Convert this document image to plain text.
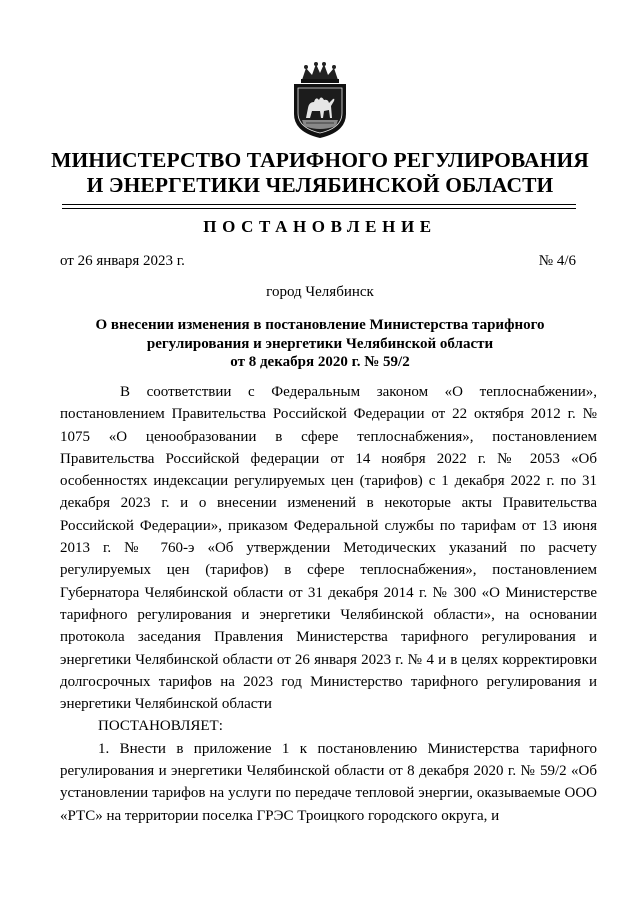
МИНИСТЕРСТВО ТАРИФНОГО РЕГУЛИРОВАНИЯ
И ЭНЕРГЕТИКИ ЧЕЛЯБИНСКОЙ ОБЛАСТИ
ПОСТАНОВЛЕНИЕ
от 26 января 2023 г.	№ 4/6
город Челябинск
О внесении изменения в постановление Министерства тарифного
регулирования и энергетики Челябинской области
от 8 декабря 2020 г. № 59/2

В соответствии с Федеральным законом «О теплоснабжении», постановлением Правительства Российской Федерации от 22 октября 2012 г. № 1075 «О ценообразовании в сфере теплоснабжения», постановлением Правительства Российской федерации от 14 ноября 2022 г. № 2053 «Об особенностях индексации регулируемых цен (тарифов) с 1 декабря 2022 г. по 31 декабря 2023 г. и о внесении изменений в некоторые акты Правительства Российской Федерации», приказом Федеральной службы по тарифам от 13 июня 2013 г. № 760-э «Об утверждении Методических указаний по расчету регулируемых цен (тарифов) в сфере теплоснабжения», постановлением Губернатора Челябинской области от 31 декабря 2014 г. № 300 «О Министерстве тарифного регулирования и энергетики Челябинской области», на основании протокола заседания Правления Министерства тарифного регулирования и энергетики Челябинской области от 26 января 2023 г. № 4 и в целях корректировки долгосрочных тарифов на 2023 год Министерство тарифного регулирования и энергетики Челябинской области

ПОСТАНОВЛЯЕТ:

1. Внести в приложение 1 к постановлению Министерства тарифного регулирования и энергетики Челябинской области от 8 декабря 2020 г. № 59/2 «Об установлении тарифов на услуги по передаче тепловой энергии, оказываемые ООО «РТС» на территории поселка ГРЭС Троицкого городского округа, и
